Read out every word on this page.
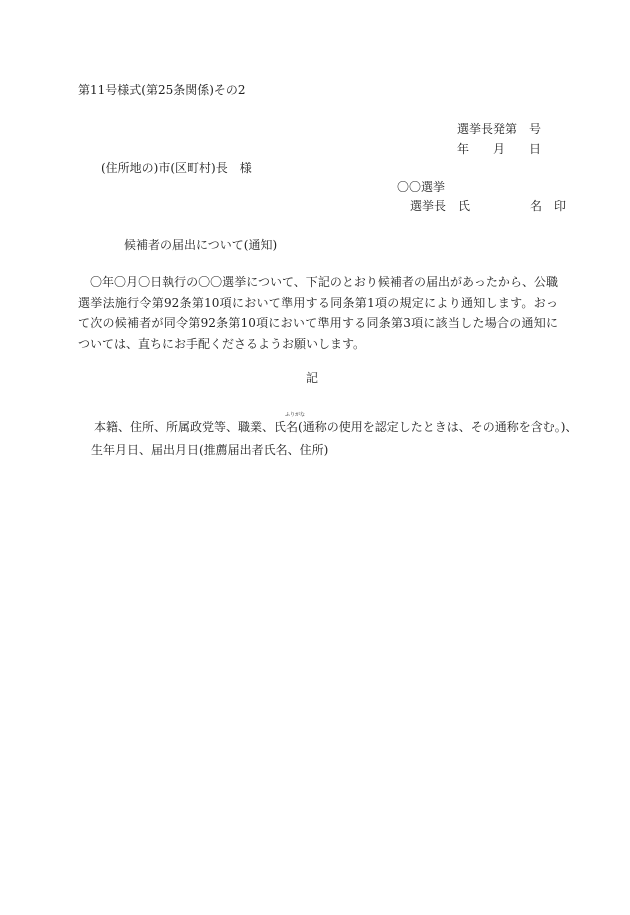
第11号様式(第25条関係)その2
選挙長発第　号
年　　月　　日
(住所地の)市(区町村)長　様
〇〇選挙
選挙長　氏　　　　　名　印
候補者の届出について(通知)

〇年〇月〇日執行の〇〇選挙について、下記のとおり候補者の届出があったから、公職選挙法施行令第92条第10項において準用する同条第1項の規定により通知します。おって次の候補者が同令第92条第10項において準用する同条第3項に該当した場合の通知については、直ちにお手配くださるようお願いします。

記
本籍、住所、所属政党等、職業、氏
ふりがな
名(通称の使用を認定したときは、その通称を含む。)、
生年月日、届出月日(推薦届出者氏名、住所)
